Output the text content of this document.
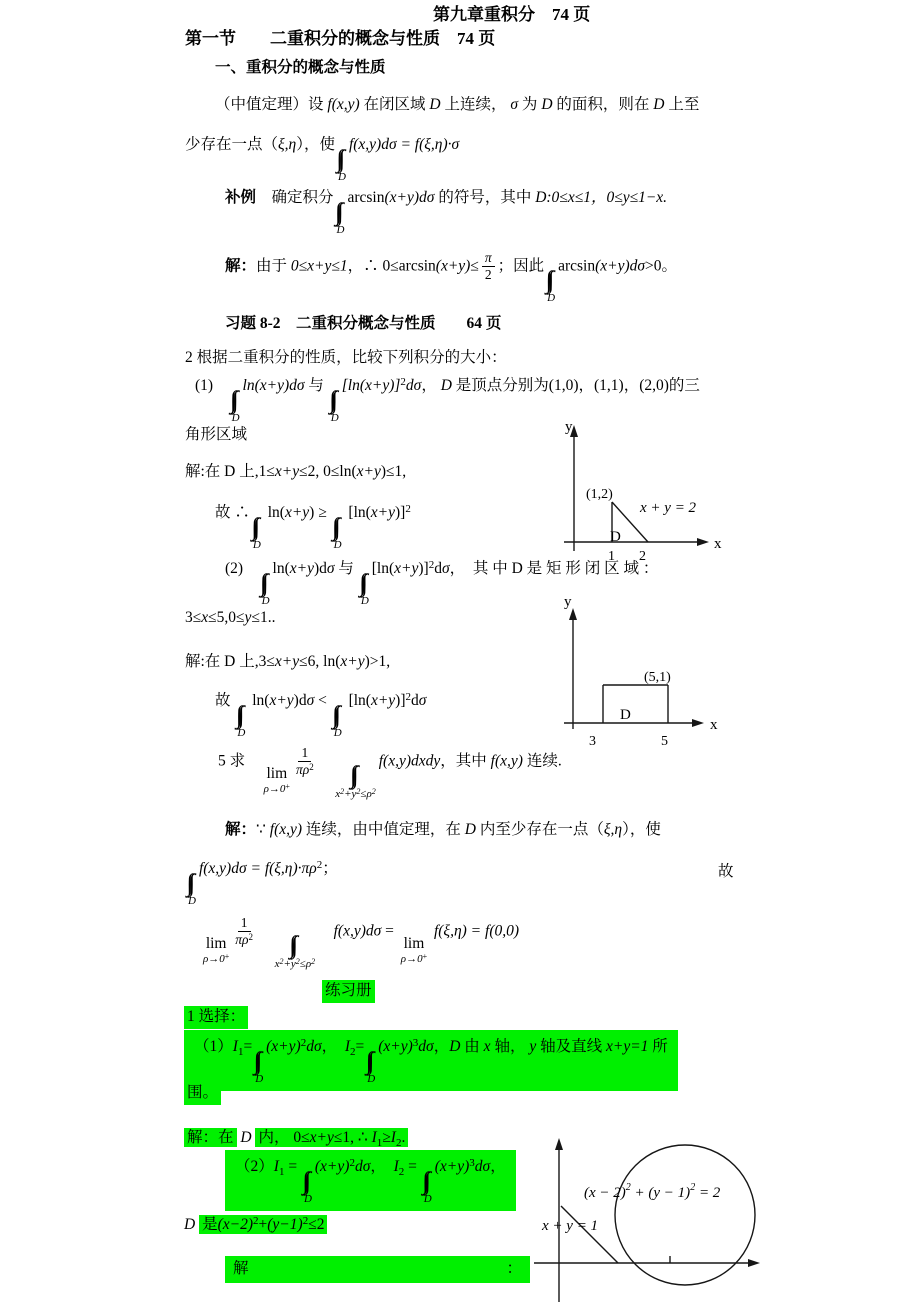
y
x
(1,2)
x + y = 2
D
1 2
y
x
(5,1)
D
3	5
x + y = 1
$(x - 2)^2 + (y - 1)^2 = 2$
第九章重积分　74 页
第一节　　二重积分的概念与性质　74 页
一、重积分的概念与性质
（中值定理）设 f(x,y) 在闭区域 D 上连续， σ 为 D 的面积，则在 D 上至
少存在一点（ξ,η），使
D
f(x,y)dσ = f(ξ,η)·σ
补例　确定积分
D
arcsin(x+y)dσ 的符号，其中 D:0≤x≤1，0≤y≤1−x.
解：由于 0≤x+y≤1，∴ $0\le\arcsin(x+y)\le \frac{\pi}{2}$ ；因此
D
arcsin(x+y)dσ>0。
习题 8-2　二重积分概念与性质　　64 页
2 根据二重积分的性质，比较下列积分的大小：
(1)　
D
ln(x+y)dσ 与
D
$[\ln(x+y)]^2d\sigma$， D 是顶点分别为(1,0)，(1,1)，(2,0)的三
角形区域
解:在 D 上,1≤x+y≤2, 0≤ln(x+y)≤1,
故 ∴
D
ln(x+y) ≥
D
$[\ln(x+y)]^2$
(2)　
D
ln(x+y)dσ 与
D
$[\ln(x+y)]^2d\sigma$，　其 中 D 是 矩 形 闭 区 域 ：
3≤x≤5,0≤y≤1..
解:在 D 上,3≤x+y≤6, ln(x+y)>1,
故
D
ln(x+y)dσ <
D
$[\ln(x+y)]^2d\sigma$
5 求　
lim
ρ→0+
$\frac{1}{\pi\rho^2}$

$x^2+y^2\le\rho^2$
f(x,y)dxdy，其中 f(x,y) 连续.
解：∵ f(x,y) 连续，由中值定理，在 D 内至少存在一点（ξ,η），使
D
$f(x,y)d\sigma = f(\xi,\eta)\cdot\pi\rho^2$；	故
lim
ρ→0+
$\frac{1}{\pi\rho^2}$

$x^2+y^2\le\rho^2$
　f(x,y)dσ =
lim
ρ→0+
f(ξ,η) = f(0,0)
练习册
1 选择：
$(1)I_1=$
D
$(x+y)^2d\sigma$，　$I_2=$
D
$(x+y)^3d\sigma$，D 由 x 轴， y 轴及直线 x+y=1 所
围。
解：在 D 内， 0≤x+y≤1, ∴ $I_1\ge I_2$.
$(2)I_1$ =
D
$(x+y)^2d\sigma$，　$I_2$ =
D
$(x+y)^3d\sigma$，
D 是$(x-2)^2+(y-1)^2\le 2$
解	：
